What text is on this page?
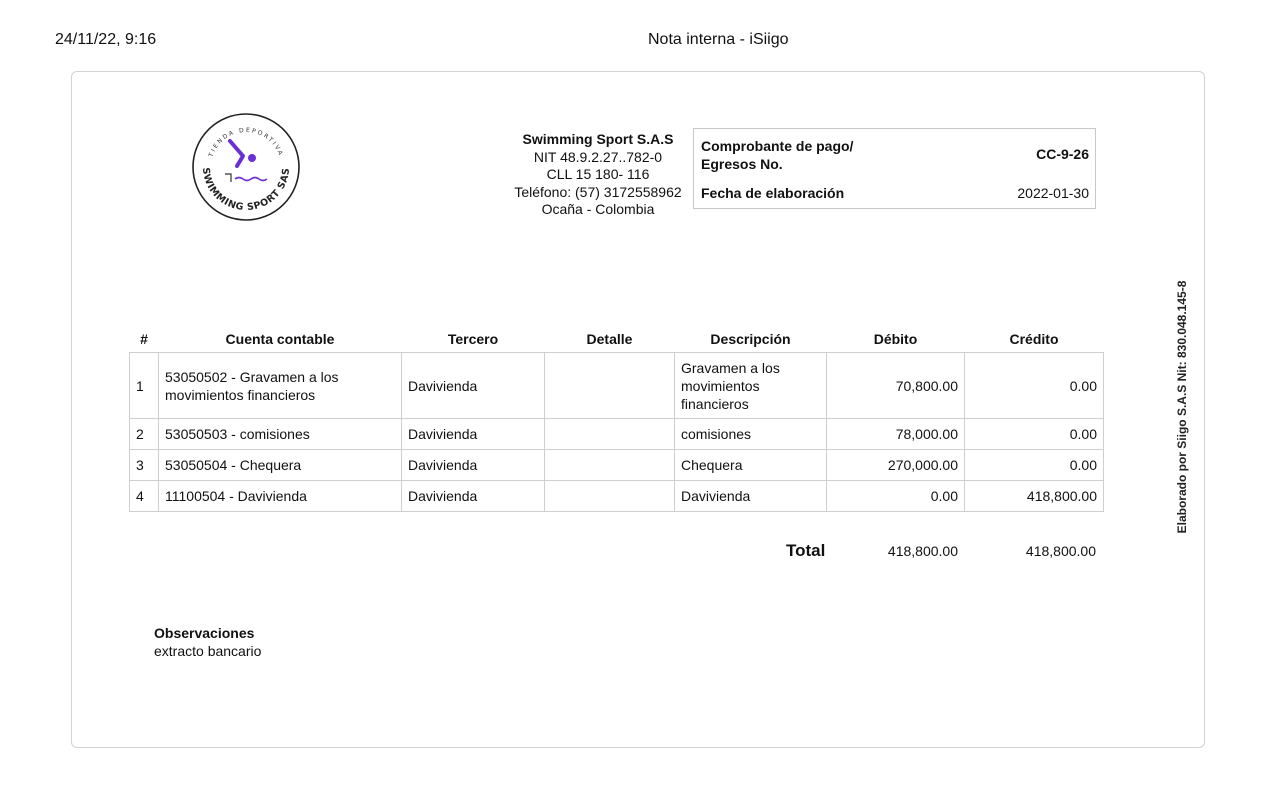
24/11/22, 9:16	Nota interna - iSiigo
TIENDA DEPORTIVA
SWIMMING SPORT SAS
Swimming Sport S.A.S
NIT 48.9.2.27..782-0
CLL 15 180- 116
Teléfono: (57) 3172558962
Ocaña - Colombia
Comprobante de pago/ Egresos No.
CC-9-26
Fecha de elaboración	2022-01-30
#	Cuenta contable	Tercero	Detalle	Descripción	Débito	Crédito
1	53050502 - Gravamen a los movimientos financieros	Davivienda		Gravamen a los movimientos financieros	70,800.00	0.00
2	53050503 - comisiones	Davivienda		comisiones	78,000.00	0.00
3	53050504 - Chequera	Davivienda		Chequera	270,000.00	0.00
4	11100504 - Davivienda	Davivienda		Davivienda	0.00	418,800.00
Total	418,800.00	418,800.00
Observaciones
extracto bancario
Elaborado por Siigo S.A.S Nit: 830.048.145-8
